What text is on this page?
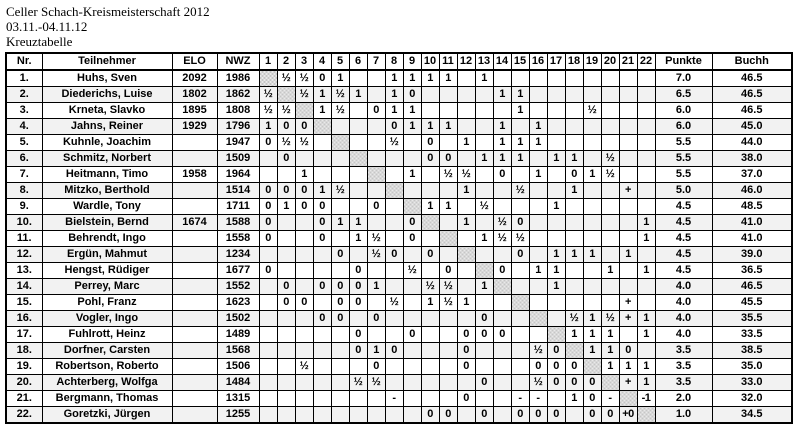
Celler Schach-Kreismeisterschaft 2012
03.11.-04.11.12
Kreuztabelle
Nr.	Teilnehmer	ELO	NWZ	1	2	3	4	5	6	7	8	9	10	11	12	13	14	15	16	17	18	19	20	21	22	Punkte	Buchh
1.	Huhs, Sven	2092	1986		½	½	0	1			1	1	1	1		1										7.0	46.5
2.	Diederichs, Luise	1802	1862	½		½	1	½	1		1	0					1	1								6.5	46.5
3.	Krneta, Slavko	1895	1808	½	½		1	½		0	1	1						1				½				6.0	46.5
4.	Jahns, Reiner	1929	1796	1	0	0					0	1	1	1			1		1							6.0	45.0
5.	Kuhnle, Joachim		1947	0	½	½					½		0		1		1	1	1							5.5	44.0
6.	Schmitz, Norbert		1509		0								0	0		1	1	1		1	1		½			5.5	38.0
7.	Heitmann, Timo	1958	1964			1						1		½	½		0		1		0	1	½			5.5	37.0
8.	Mitzko, Berthold		1514	0	0	0	1	½							1			½			1			+		5.0	46.0
9.	Wardle, Tony		1711	0	1	0	0			0			1	1		½				1						4.5	48.5
10.	Bielstein, Bernd	1674	1588	0			0	1	1			0			1		½	0							1	4.5	41.0
11.	Behrendt, Ingo		1558	0			0		1	½		0				1	½	½							1	4.5	41.0
12.	Ergün, Mahmut		1234					0		½	0		0					0		1	1	1		1		4.5	39.0
13.	Hengst, Rüdiger		1677	0					0			½		0			0		1	1			1		1	4.5	36.5
14.	Perrey, Marc		1552		0		0	0	0	1			½	½		1				1						4.0	46.5
15.	Pohl, Franz		1623		0	0		0	0		½		1	½	1									+		4.0	45.5
16.	Vogler, Ingo		1502				0	0		0						0					½	1	½	+	1	4.0	35.5
17.	Fuhlrott, Heinz		1489						0			0			0	0	0				1	1	1		1	4.0	33.5
18.	Dorfner, Carsten		1568						0	1	0				0				½	0		1	1	0		3.5	38.5
19.	Robertson, Roberto		1506			½				0					0				0	0	0		1	1	1	3.5	35.0
20.	Achterberg, Wolfga		1484						½	½						0			½	0	0	0		+	1	3.5	33.0
21.	Bergmann, Thomas		1315								-				0			-	-		1	0	-		-1	2.0	32.0
22.	Goretzki, Jürgen		1255										0	0		0		0	0	0		0	0	+0		1.0	34.5
